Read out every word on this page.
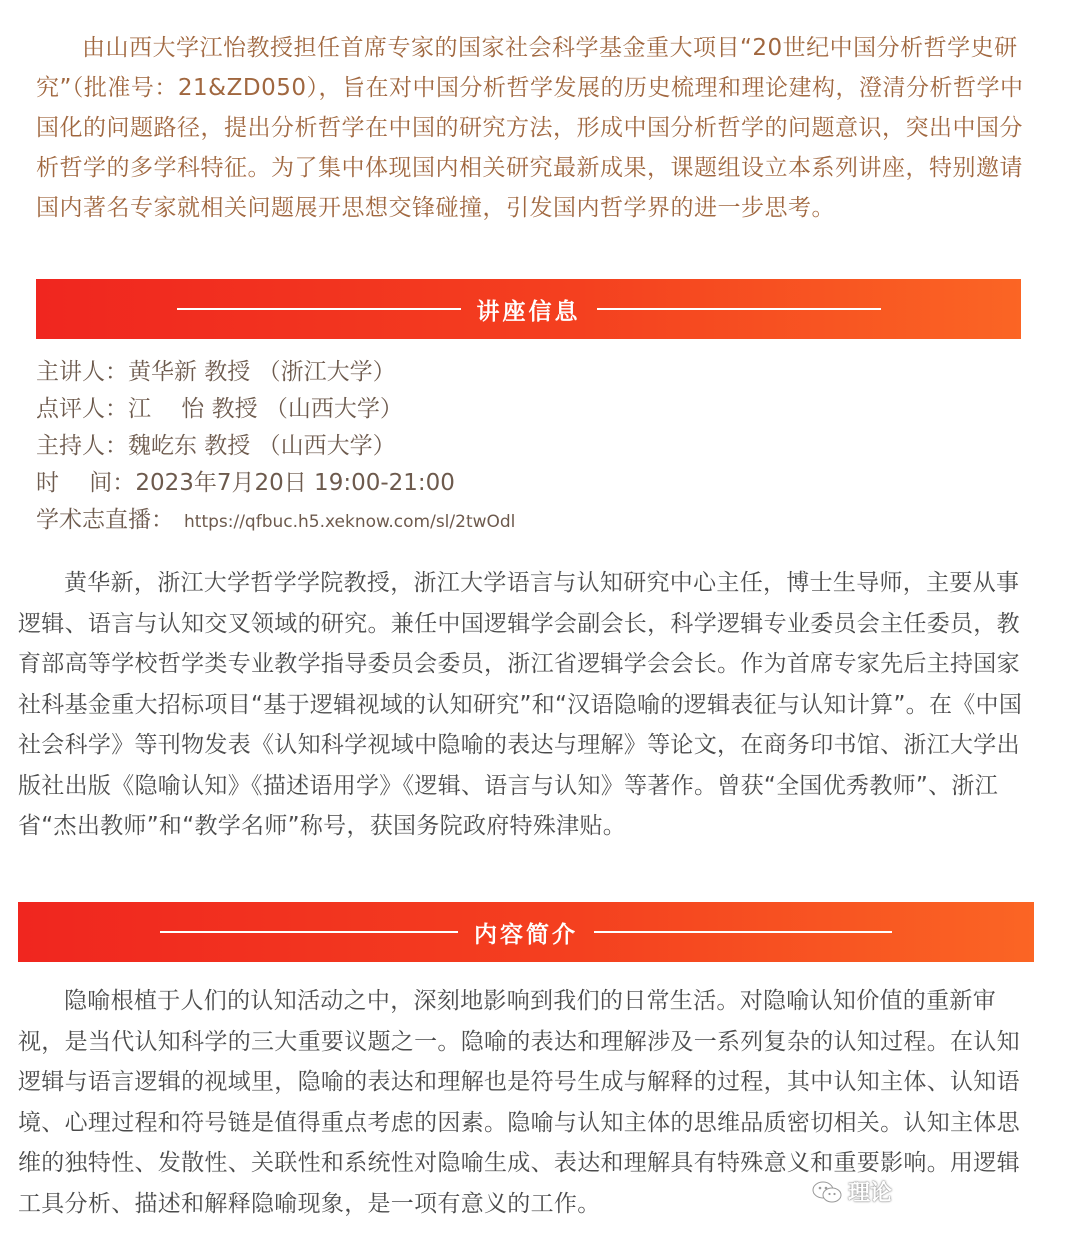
由山西大学江怡教授担任首席专家的国家社会科学基金重大项目“20世纪中国分析哲学史研究”（批准号：21&ZD050），旨在对中国分析哲学发展的历史梳理和理论建构，澄清分析哲学中国化的问题路径，提出分析哲学在中国的研究方法，形成中国分析哲学的问题意识，突出中国分析哲学的多学科特征。为了集中体现国内相关研究最新成果，课题组设立本系列讲座，特别邀请国内著名专家就相关问题展开思想交锋碰撞，引发国内哲学界的进一步思考。

讲座信息
主讲人：黄华新 教授 （浙江大学）
点评人：江　 怡 教授 （山西大学）
主持人：魏屹东 教授 （山西大学）
时　 间：2023年7月20日 19:00-21:00
学术志直播： https://qfbuc.h5.xeknow.com/sl/2twOdl

黄华新，浙江大学哲学学院教授，浙江大学语言与认知研究中心主任，博士生导师，主要从事逻辑、语言与认知交叉领域的研究。兼任中国逻辑学会副会长，科学逻辑专业委员会主任委员，教育部高等学校哲学类专业教学指导委员会委员，浙江省逻辑学会会长。作为首席专家先后主持国家社科基金重大招标项目“基于逻辑视域的认知研究”和“汉语隐喻的逻辑表征与认知计算”。在《中国社会科学》等刊物发表《认知科学视域中隐喻的表达与理解》等论文，在商务印书馆、浙江大学出版社出版《隐喻认知》《描述语用学》《逻辑、语言与认知》等著作。曾获“全国优秀教师”、浙江省“杰出教师”和“教学名师”称号，获国务院政府特殊津贴。

内容简介

隐喻根植于人们的认知活动之中，深刻地影响到我们的日常生活。对隐喻认知价值的重新审视，是当代认知科学的三大重要议题之一。隐喻的表达和理解涉及一系列复杂的认知过程。在认知逻辑与语言逻辑的视域里，隐喻的表达和理解也是符号生成与解释的过程，其中认知主体、认知语境、心理过程和符号链是值得重点考虑的因素。隐喻与认知主体的思维品质密切相关。认知主体思维的独特性、发散性、关联性和系统性对隐喻生成、表达和理解具有特殊意义和重要影响。用逻辑工具分析、描述和解释隐喻现象，是一项有意义的工作。	理论
